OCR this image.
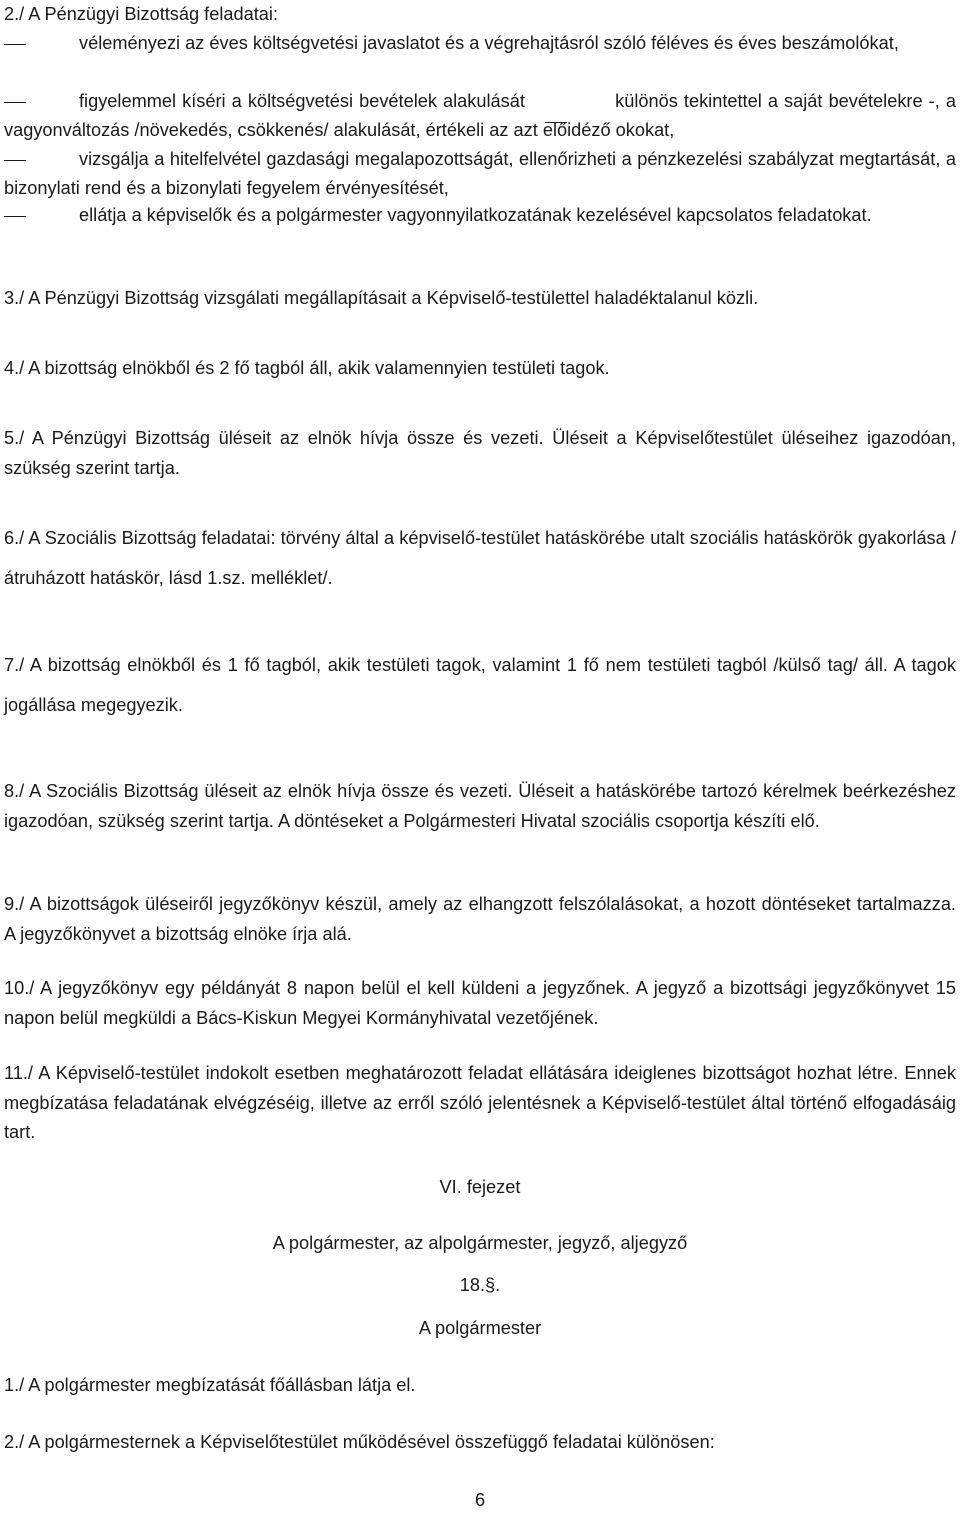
2./ A Pénzügyi Bizottság feladatai:

véleményezi az éves költségvetési javaslatot és a végrehajtásról szóló féléves és éves beszámolókat,

figyelemmel kíséri a költségvetési bevételek alakulását	különös tekintettel a saját bevételekre -, a vagyonváltozás /növekedés, csökkenés/ alakulását, értékeli az azt előidéző okokat,

vizsgálja a hitelfelvétel gazdasági megalapozottságát, ellenőrizheti a pénzkezelési szabályzat megtartását, a bizonylati rend és a bizonylati fegyelem érvényesítését,

ellátja a képviselők és a polgármester vagyonnyilatkozatának kezelésével kapcsolatos feladatokat.

3./ A Pénzügyi Bizottság vizsgálati megállapításait a Képviselő-testülettel haladéktalanul közli.

4./ A bizottság elnökből és 2 fő tagból áll, akik valamennyien testületi tagok.

5./ A Pénzügyi Bizottság üléseit az elnök hívja össze és vezeti. Üléseit a Képviselőtestület üléseihez igazodóan, szükség szerint tartja.

6./ A Szociális Bizottság feladatai: törvény által a képviselő-testület hatáskörébe utalt szociális hatáskörök gyakorlása / átruházott hatáskör, lásd 1.sz. melléklet/.

7./ A bizottság elnökből és 1 fő tagból, akik testületi tagok, valamint 1 fő nem testületi tagból /külső tag/ áll. A tagok jogállása megegyezik.

8./ A Szociális Bizottság üléseit az elnök hívja össze és vezeti. Üléseit a hatáskörébe tartozó kérelmek beérkezéshez igazodóan, szükség szerint tartja. A döntéseket a Polgármesteri Hivatal szociális csoportja készíti elő.

9./ A bizottságok üléseiről jegyzőkönyv készül, amely az elhangzott felszólalásokat, a hozott döntéseket tartalmazza. A jegyzőkönyvet a bizottság elnöke írja alá.

10./ A jegyzőkönyv egy példányát 8 napon belül el kell küldeni a jegyzőnek. A jegyző a bizottsági jegyzőkönyvet 15 napon belül megküldi a Bács-Kiskun Megyei Kormányhivatal vezetőjének.

11./ A Képviselő-testület indokolt esetben meghatározott feladat ellátására ideiglenes bizottságot hozhat létre. Ennek megbízatása feladatának elvégzéséig, illetve az erről szóló jelentésnek a Képviselő-testület által történő elfogadásáig tart.

VI. fejezet

A polgármester, az alpolgármester, jegyző, aljegyző

18.§.

A polgármester

1./ A polgármester megbízatását főállásban látja el.

2./ A polgármesternek a Képviselőtestület működésével összefüggő feladatai különösen:

6
